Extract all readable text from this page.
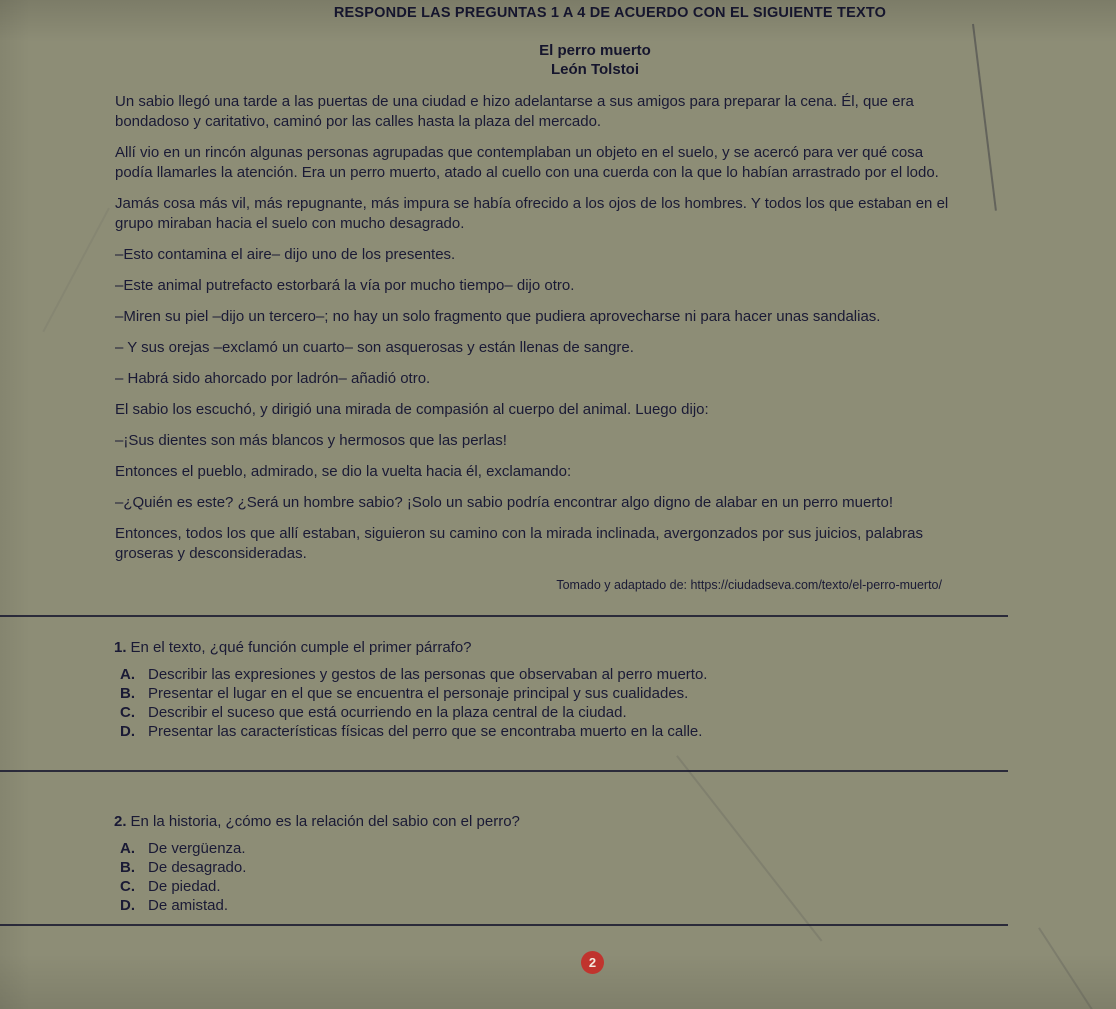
RESPONDE LAS PREGUNTAS 1 A 4 DE ACUERDO CON EL SIGUIENTE TEXTO
El perro muerto
León Tolstoi

Un sabio llegó una tarde a las puertas de una ciudad e hizo adelantarse a sus amigos para preparar la cena. Él, que era bondadoso y caritativo, caminó por las calles hasta la plaza del mercado.

Allí vio en un rincón algunas personas agrupadas que contemplaban un objeto en el suelo, y se acercó para ver qué cosa podía llamarles la atención. Era un perro muerto, atado al cuello con una cuerda con la que lo habían arrastrado por el lodo.

Jamás cosa más vil, más repugnante, más impura se había ofrecido a los ojos de los hombres. Y todos los que estaban en el grupo miraban hacia el suelo con mucho desagrado.

–Esto contamina el aire– dijo uno de los presentes.

–Este animal putrefacto estorbará la vía por mucho tiempo– dijo otro.

–Miren su piel –dijo un tercero–; no hay un solo fragmento que pudiera aprovecharse ni para hacer unas sandalias.

– Y sus orejas –exclamó un cuarto– son asquerosas y están llenas de sangre.

– Habrá sido ahorcado por ladrón– añadió otro.

El sabio los escuchó, y dirigió una mirada de compasión al cuerpo del animal. Luego dijo:

–¡Sus dientes son más blancos y hermosos que las perlas!

Entonces el pueblo, admirado, se dio la vuelta hacia él, exclamando:

–¿Quién es este? ¿Será un hombre sabio? ¡Solo un sabio podría encontrar algo digno de alabar en un perro muerto!

Entonces, todos los que allí estaban, siguieron su camino con la mirada inclinada, avergonzados por sus juicios, palabras groseras y desconsideradas.

Tomado y adaptado de: https://ciudadseva.com/texto/el-perro-muerto/
1. En el texto, ¿qué función cumple el primer párrafo?
A. Describir las expresiones y gestos de las personas que observaban al perro muerto.
B. Presentar el lugar en el que se encuentra el personaje principal y sus cualidades.
C. Describir el suceso que está ocurriendo en la plaza central de la ciudad.
D. Presentar las características físicas del perro que se encontraba muerto en la calle.
2. En la historia, ¿cómo es la relación del sabio con el perro?
A. De vergüenza.
B. De desagrado.
C. De piedad.
D. De amistad.
2
